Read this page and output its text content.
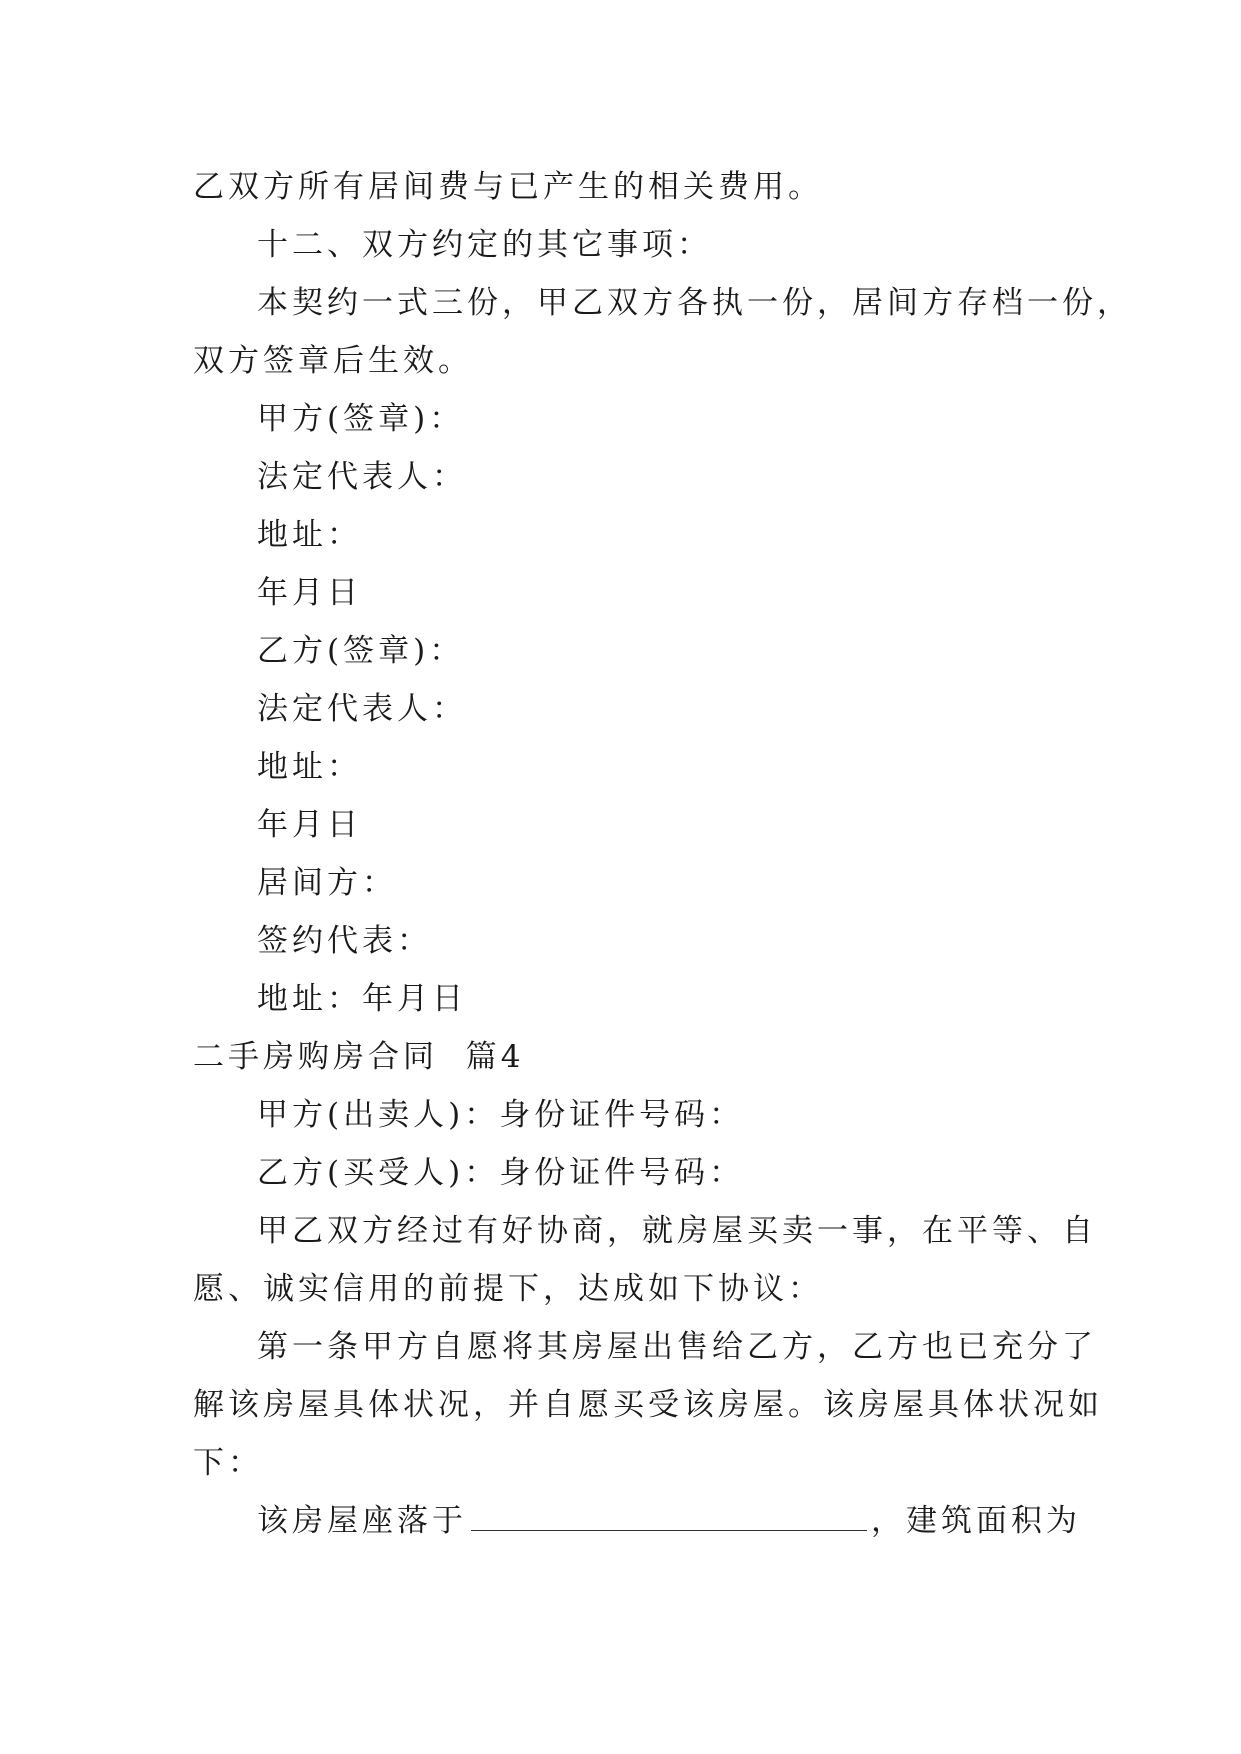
乙双方所有居间费与已产生的相关费用。
十二、双方约定的其它事项：
本契约一式三份，甲乙双方各执一份，居间方存档一份，
双方签章后生效。
甲方(签章)：
法定代表人：
地址：
年月日
乙方(签章)：
法定代表人：
地址：
年月日
居间方：
签约代表：
地址：年月日
二手房购房合同  篇4
甲方(出卖人)：身份证件号码：
乙方(买受人)：身份证件号码：
甲乙双方经过有好协商，就房屋买卖一事，在平等、自
愿、诚实信用的前提下，达成如下协议：
第一条甲方自愿将其房屋出售给乙方，乙方也已充分了
解该房屋具体状况，并自愿买受该房屋。该房屋具体状况如
下：
该房屋座落于	，建筑面积为
